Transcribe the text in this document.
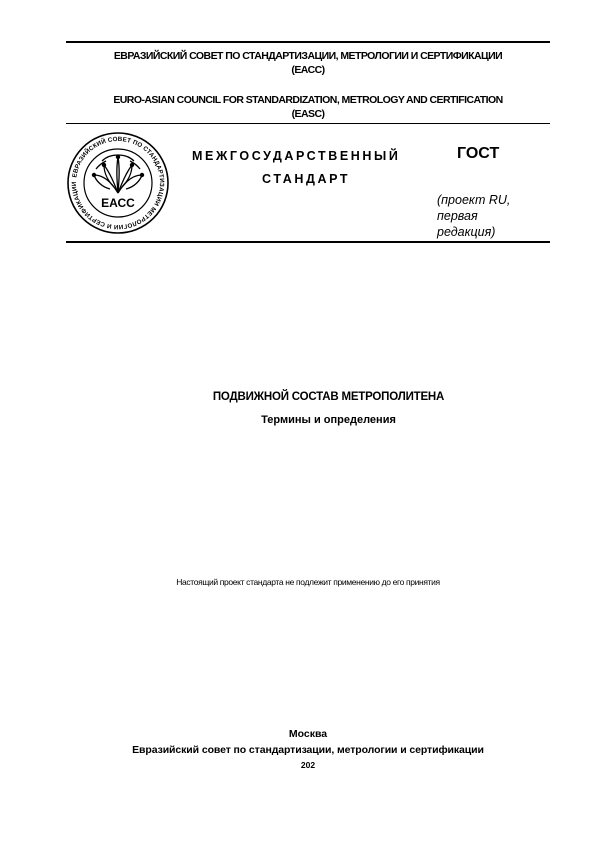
ЕВРАЗИЙСКИЙ СОВЕТ ПО СТАНДАРТИЗАЦИИ, МЕТРОЛОГИИ И СЕРТИФИКАЦИИ
(ЕАСС)
EURO-ASIAN COUNCIL FOR STANDARDIZATION, METROLOGY AND CERTIFICATION
(EASC)
ЕВРАЗИЙСКИЙ СОВЕТ ПО СТАНДАРТИЗАЦИИ МЕТРОЛОГИИ И СЕРТИФИКАЦИИ
ЕАСС
МЕЖГОСУДАРСТВЕННЫЙ
СТАНДАРТ
ГОСТ
(проект RU,
первая
редакция)
ПОДВИЖНОЙ СОСТАВ МЕТРОПОЛИТЕНА
Термины и определения
Настоящий проект стандарта не подлежит применению до его принятия
Москва
Евразийский совет по стандартизации, метрологии и сертификации
202
